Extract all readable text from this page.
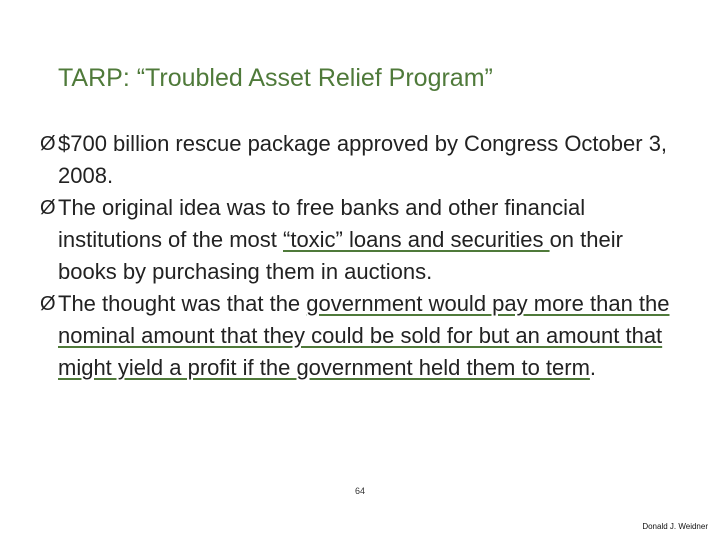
TARP: “Troubled Asset Relief Program”

Ø $700 billion rescue package approved by Congress October 3, 2008.

Ø The original idea was to free banks and other financial institutions of the most “toxic” loans and securities on their books by purchasing them in auctions.

Ø The thought was that the government would pay more than the nominal amount that they could be sold for but an amount that might yield a profit if the government held them to term.

64
Donald J. Weidner
